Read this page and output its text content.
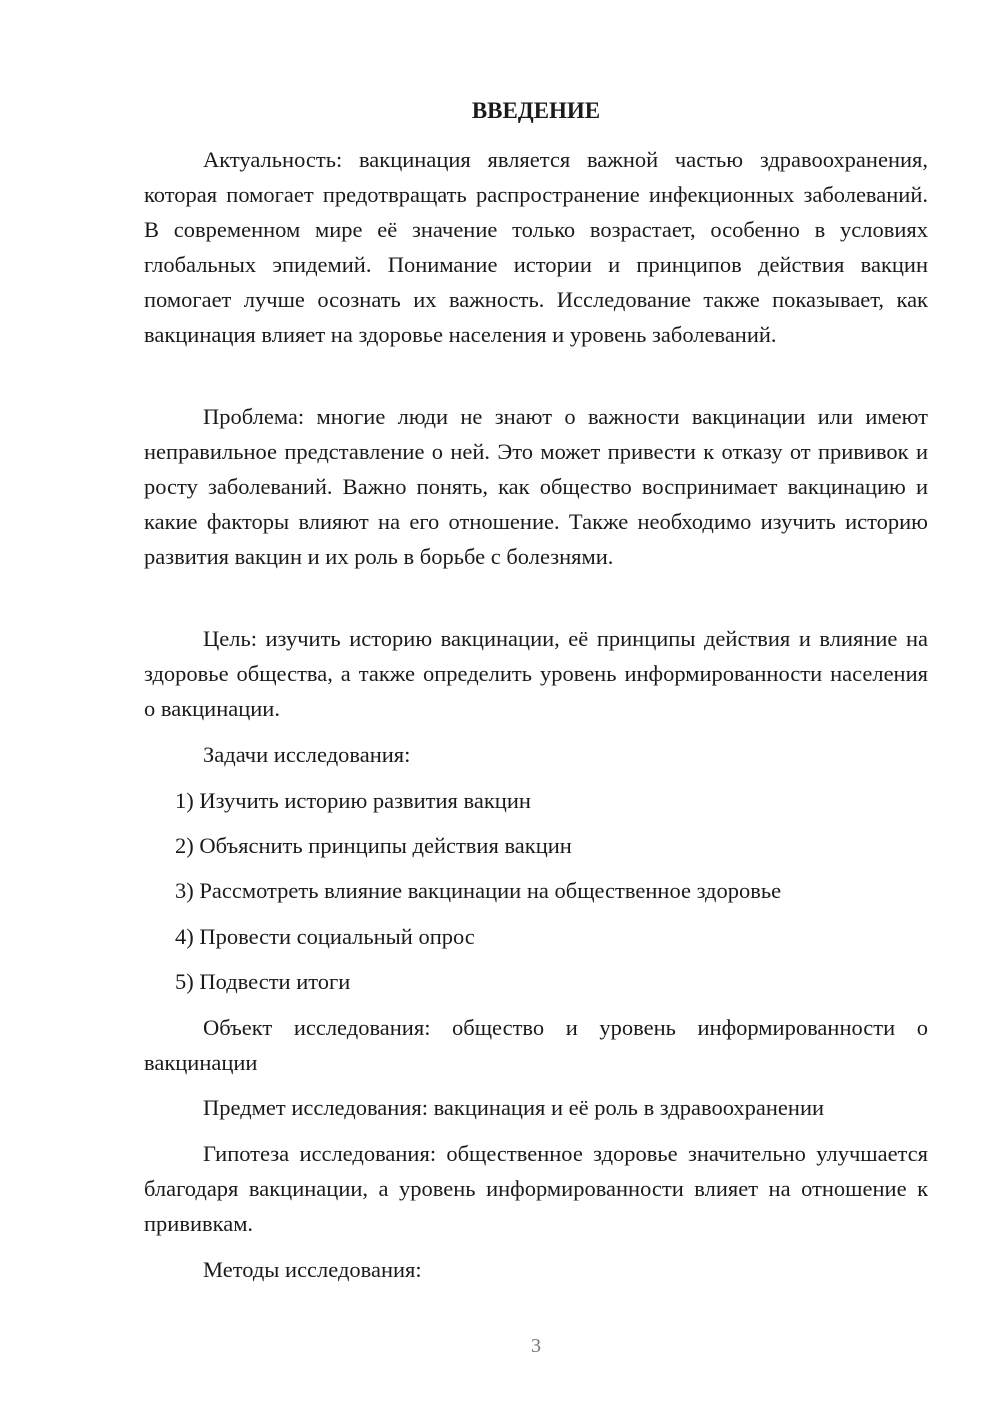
ВВЕДЕНИЕ

Актуальность: вакцинация является важной частью здравоохранения, которая помогает предотвращать распространение инфекционных заболеваний. В современном мире её значение только возрастает, особенно в условиях глобальных эпидемий. Понимание истории и принципов действия вакцин помогает лучше осознать их важность. Исследование также показывает, как вакцинация влияет на здоровье населения и уровень заболеваний.

Проблема: многие люди не знают о важности вакцинации или имеют неправильное представление о ней. Это может привести к отказу от прививок и росту заболеваний. Важно понять, как общество воспринимает вакцинацию и какие факторы влияют на его отношение. Также необходимо изучить историю развития вакцин и их роль в борьбе с болезнями.

Цель: изучить историю вакцинации, её принципы действия и влияние на здоровье общества, а также определить уровень информированности населения о вакцинации.

Задачи исследования:

1) Изучить историю развития вакцин

2) Объяснить принципы действия вакцин

3) Рассмотреть влияние вакцинации на общественное здоровье

4) Провести социальный опрос

5) Подвести итоги

Объект исследования: общество и уровень информированности о вакцинации

Предмет исследования: вакцинация и её роль в здравоохранении

Гипотеза исследования: общественное здоровье значительно улучшается благодаря вакцинации, а уровень информированности влияет на отношение к прививкам.

Методы исследования:

3
